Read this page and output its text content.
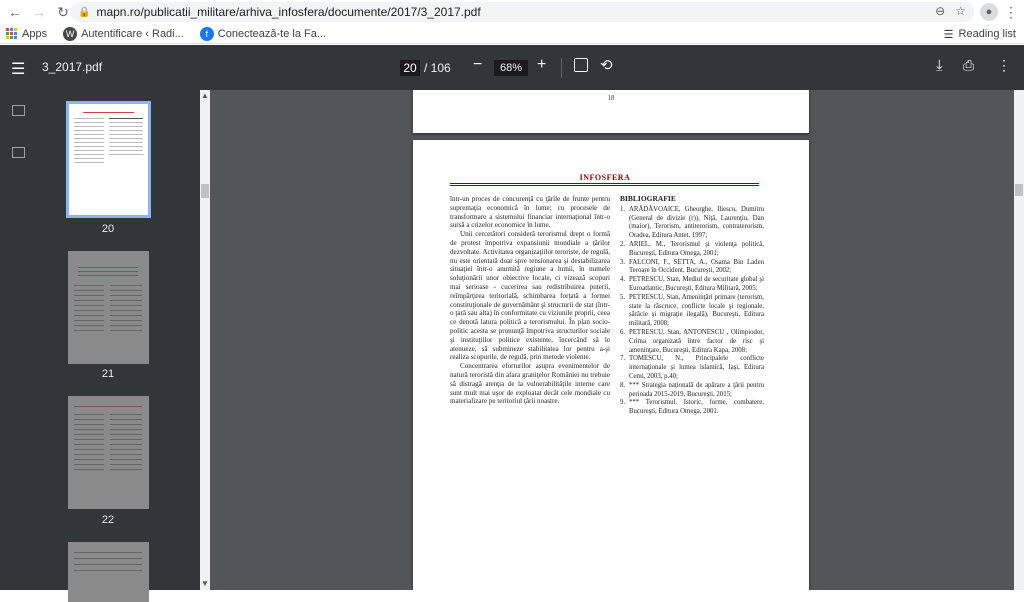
← → ↻ 🔒 mapn.ro/publicatii_militare/arhiva_infosfera/documente/2017/3_2017.pdf	⊖ ☆	● ⋮
Apps	W Autentificare ‹ Radi...	f Conectează-te la Fa...	☰ Reading list
☰ 3_2017.pdf	20 / 106 −	68% +	⟲	⤓ ⎙ ⋮
20
21
22
▲
▼
18
INFOSFERA

într-un proces de concurenţă cu ţările de frunte pentru supremaţia economică în lume; cu procesele de transformare a sistemului financiar internaţional într-o sursă a crizelor economice în lume.

Unii cercetători consideră terorismul drept o formă de protest împotriva expansiunii mondiale a ţărilor dezvoltate. Activitatea organizaţiilor teroriste, de regulă, nu este orientată doar spre tensionarea şi destabilizarea situaţiei într-o anumită regiune a lumii, în numele soluţionării unor obiective locale, ci vizează scopuri mai serioase - cucerirea sau redistribuirea puterii, reîmpărţirea teritorială, schimbarea forţată a formei constituţionale de guvernământ şi structurii de stat (într-o ţară sau alta) în conformitate cu viziunile proprii, ceea ce denotă latura politică a terorismului. În plan socio-politic acesta se pronunţă împotriva structurilor sociale şi instituţiilor politice existente, încercând să le atenueze, să submineze stabilitatea lor pentru a-şi realiza scopurile, de regulă, prin metode violente.

Concentrarea eforturilor asupra evenimentelor de natură teroristă din afara graniţelor României nu trebuie să distragă atenţia de la vulnerabilităţile interne care sunt mult mai uşor de exploatat decât cele mondiale cu materializare pe teritoriul ţării noastre.

BIBLIOGRAFIE
1. ARĂDĂVOAICE, Gheorghe, Iliescu, Dumitru (General de divizie (r)), Niţă, Laurenţiu, Dan (maior), Terorism, antiterorism, contraterorism, Oradea, Editura Antet, 1997;
2. ARIEL, M., Terorismul şi violenţa politică, Bucureşti, Editura Omega, 2001;
3. FALCONI, F., SETTA, A., Osama Bin Laden Teroare în Occident, Bucureşti, 2002;
4. PETRESCU, Stan, Mediul de securitate global şi Euroatlantic, Bucureşti, Editura Militară, 2005;
5. PETRESCU, Stan, Ameninţări primare (terorism, state la răscruce, conflicte locale şi regionale, sărăcie şi migraţie ilegală), Bucureşti, Editura militară, 2008;
6. PETRESCU, Stan, ANTONESCU , Olimpiodor, Crima organizată între factor de risc şi ameninţare, Bucureşti, Editura Kapa, 2008;
7. TOMESCU, N., Principalele conflicte internaţionale şi lumea islamică, Iaşi, Editura Cemi, 2003, p.40;
8. *** Strategia naţională de apărare a ţării pentru perioada 2015-2019, Bucureşti, 2015;
9. *** Terorismul. Istoric, forme, combatere, Bucureşti, Editura Omega, 2001.
